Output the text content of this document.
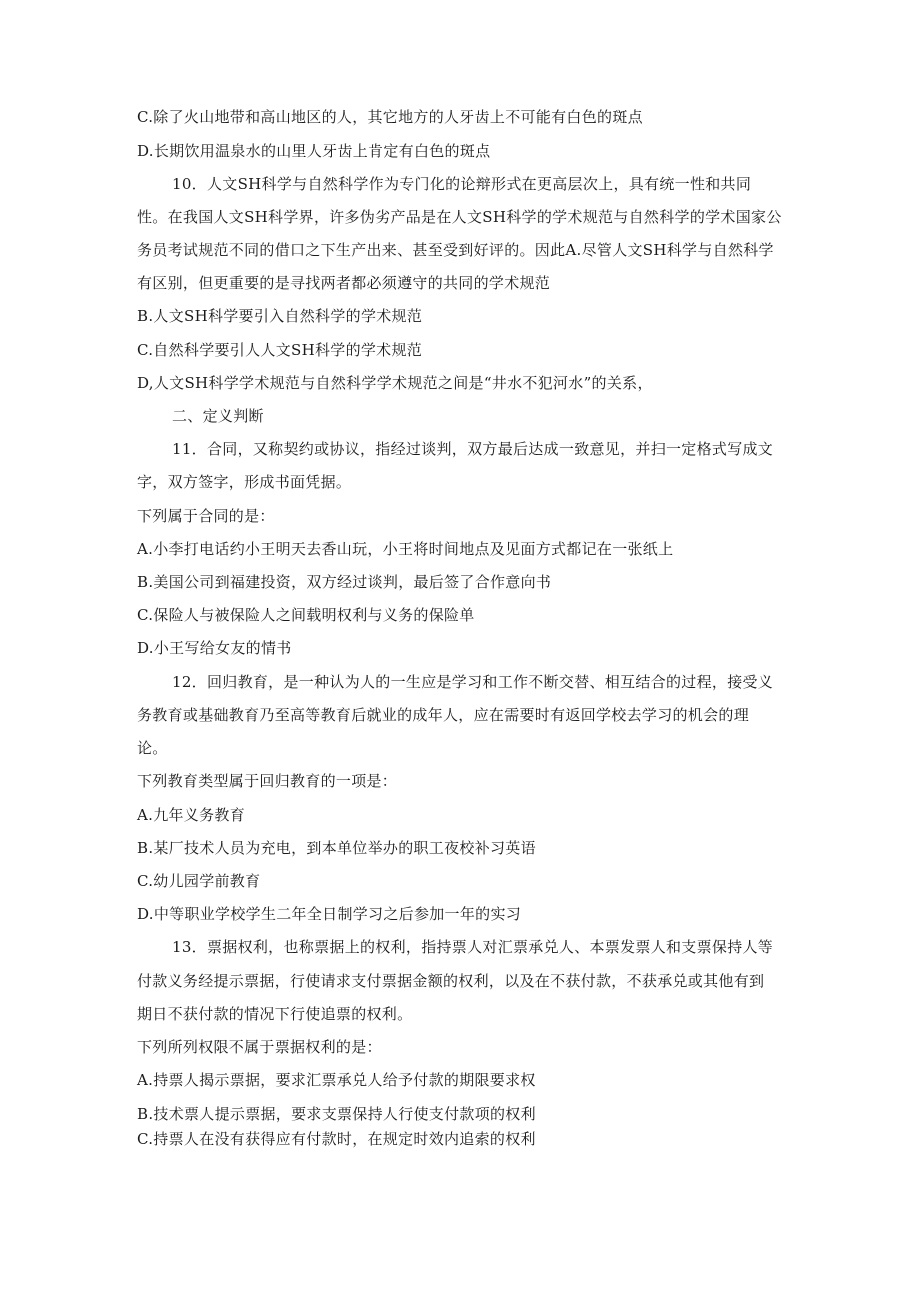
C.除了火山地带和高山地区的人，其它地方的人牙齿上不可能有白色的斑点
D.长期饮用温泉水的山里人牙齿上肯定有白色的斑点
10．人文SH科学与自然科学作为专门化的论辩形式在更高层次上，具有统一性和共同
性。在我国人文SH科学界，许多伪劣产品是在人文SH科学的学术规范与自然科学的学术国家公
务员考试规范不同的借口之下生产出来、甚至受到好评的。因此A.尽管人文SH科学与自然科学
有区别，但更重要的是寻找两者都必须遵守的共同的学术规范
B.人文SH科学要引入自然科学的学术规范
C.自然科学要引人人文SH科学的学术规范
D,人文SH科学学术规范与自然科学学术规范之间是“井水不犯河水”的关系，
二、定义判断
11．合同，又称契约或协议，指经过谈判，双方最后达成一致意见，并扫一定格式写成文
字，双方签字，形成书面凭据。
下列属于合同的是：
A.小李打电话约小王明天去香山玩，小王将时间地点及见面方式都记在一张纸上
B.美国公司到福建投资，双方经过谈判，最后签了合作意向书
C.保险人与被保险人之间载明权利与义务的保险单
D.小王写给女友的情书
12．回归教育，是一种认为人的一生应是学习和工作不断交替、相互结合的过程，接受义
务教育或基础教育乃至高等教育后就业的成年人，应在需要时有返回学校去学习的机会的理
论。
下列教育类型属于回归教育的一项是：
A.九年义务教育
B.某厂技术人员为充电，到本单位举办的职工夜校补习英语
C.幼儿园学前教育
D.中等职业学校学生二年全日制学习之后参加一年的实习
13．票据权利，也称票据上的权利，指持票人对汇票承兑人、本票发票人和支票保持人等
付款义务经提示票据，行使请求支付票据金额的权利，以及在不获付款，不获承兑或其他有到
期日不获付款的情况下行使追票的权利。
下列所列权限不属于票据权利的是：
A.持票人揭示票据，要求汇票承兑人给予付款的期限要求权
B.技术票人提示票据，要求支票保持人行使支付款项的权利
C.持票人在没有获得应有付款时，在规定时效内追索的权利
